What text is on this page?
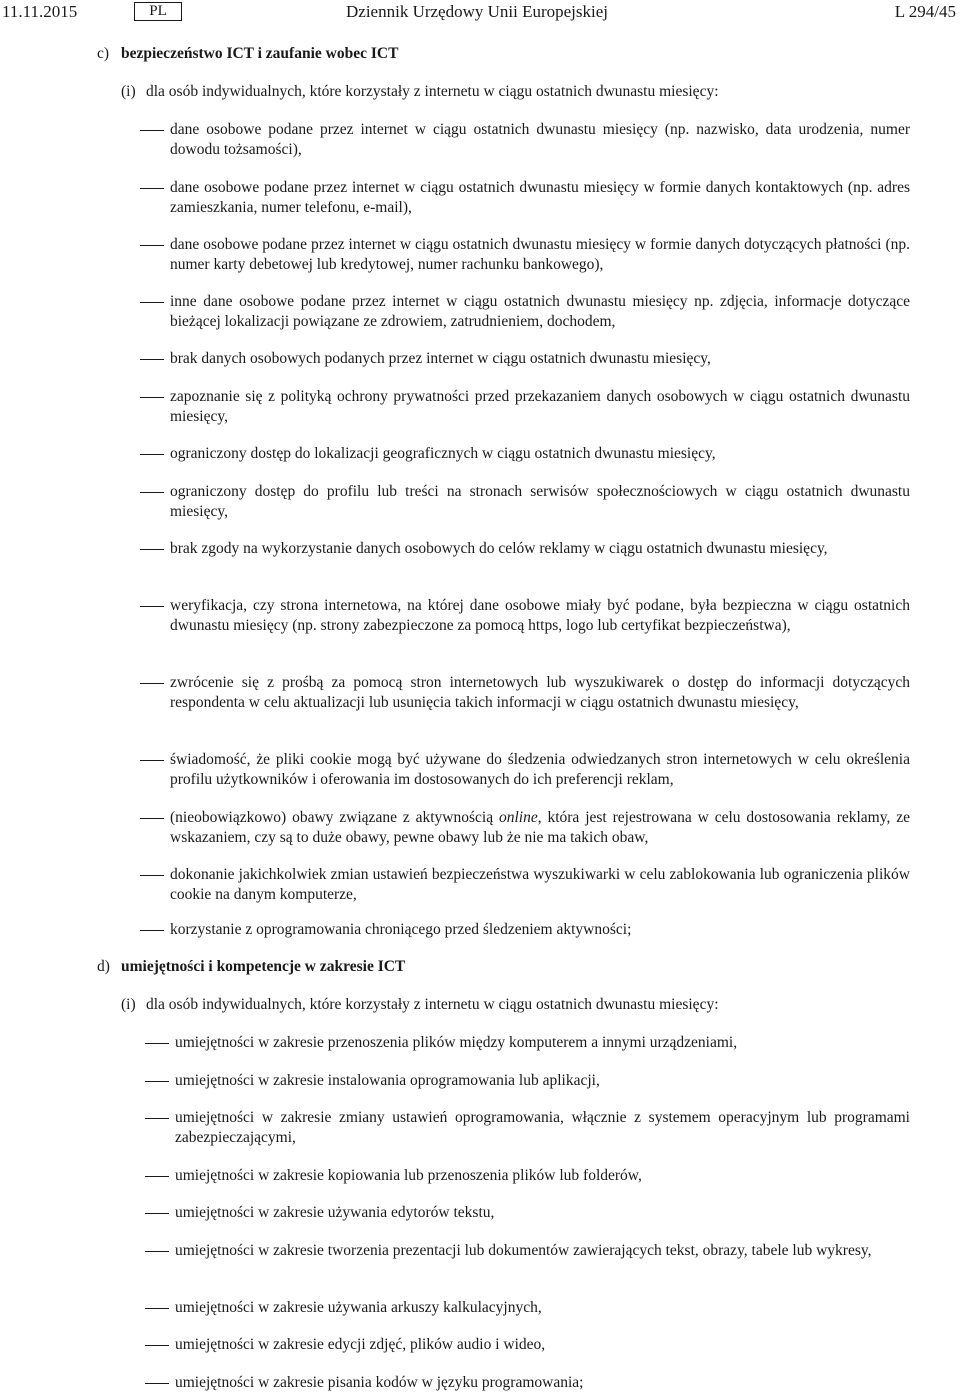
11.11.2015	PL	Dziennik Urzędowy Unii Europejskiej	L 294/45
c) bezpieczeństwo ICT i zaufanie wobec ICT
(i) dla osób indywidualnych, które korzystały z internetu w ciągu ostatnich dwunastu miesięcy:
dane osobowe podane przez internet w ciągu ostatnich dwunastu miesięcy (np. nazwisko, data urodzenia, numer dowodu tożsamości),
dane osobowe podane przez internet w ciągu ostatnich dwunastu miesięcy w formie danych kontaktowych (np. adres zamieszkania, numer telefonu, e-mail),
dane osobowe podane przez internet w ciągu ostatnich dwunastu miesięcy w formie danych dotyczących płatności (np. numer karty debetowej lub kredytowej, numer rachunku bankowego),
inne dane osobowe podane przez internet w ciągu ostatnich dwunastu miesięcy np. zdjęcia, informacje dotyczące bieżącej lokalizacji powiązane ze zdrowiem, zatrudnieniem, dochodem,
brak danych osobowych podanych przez internet w ciągu ostatnich dwunastu miesięcy,
zapoznanie się z polityką ochrony prywatności przed przekazaniem danych osobowych w ciągu ostatnich dwunastu miesięcy,
ograniczony dostęp do lokalizacji geograficznych w ciągu ostatnich dwunastu miesięcy,
ograniczony dostęp do profilu lub treści na stronach serwisów społecznościowych w ciągu ostatnich dwunastu miesięcy,
brak zgody na wykorzystanie danych osobowych do celów reklamy w ciągu ostatnich dwunastu miesięcy,
weryfikacja, czy strona internetowa, na której dane osobowe miały być podane, była bezpieczna w ciągu ostatnich dwunastu miesięcy (np. strony zabezpieczone za pomocą https, logo lub certyfikat bezpieczeństwa),
zwrócenie się z prośbą za pomocą stron internetowych lub wyszukiwarek o dostęp do informacji dotyczących respondenta w celu aktualizacji lub usunięcia takich informacji w ciągu ostatnich dwunastu miesięcy,
świadomość, że pliki cookie mogą być używane do śledzenia odwiedzanych stron internetowych w celu określenia profilu użytkowników i oferowania im dostosowanych do ich preferencji reklam,
(nieobowiązkowo) obawy związane z aktywnością online, która jest rejestrowana w celu dostosowania reklamy, ze wskazaniem, czy są to duże obawy, pewne obawy lub że nie ma takich obaw,
dokonanie jakichkolwiek zmian ustawień bezpieczeństwa wyszukiwarki w celu zablokowania lub ograniczenia plików cookie na danym komputerze,
korzystanie z oprogramowania chroniącego przed śledzeniem aktywności;
d) umiejętności i kompetencje w zakresie ICT
(i) dla osób indywidualnych, które korzystały z internetu w ciągu ostatnich dwunastu miesięcy:
umiejętności w zakresie przenoszenia plików między komputerem a innymi urządzeniami,
umiejętności w zakresie instalowania oprogramowania lub aplikacji,
umiejętności w zakresie zmiany ustawień oprogramowania, włącznie z systemem operacyjnym lub programami zabezpieczającymi,
umiejętności w zakresie kopiowania lub przenoszenia plików lub folderów,
umiejętności w zakresie używania edytorów tekstu,
umiejętności w zakresie tworzenia prezentacji lub dokumentów zawierających tekst, obrazy, tabele lub wykresy,
umiejętności w zakresie używania arkuszy kalkulacyjnych,
umiejętności w zakresie edycji zdjęć, plików audio i wideo,
umiejętności w zakresie pisania kodów w języku programowania;
